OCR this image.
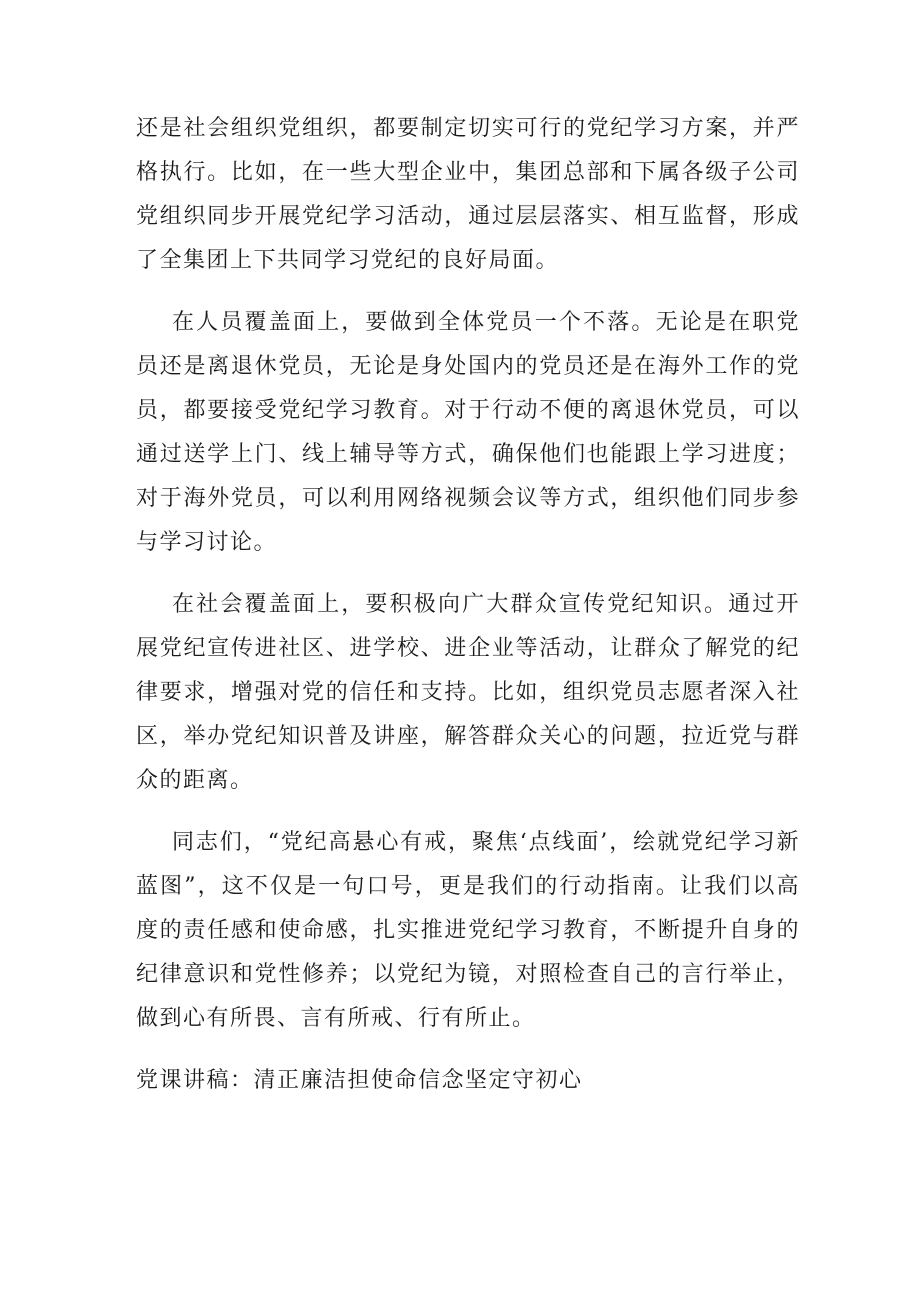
还是社会组织党组织，都要制定切实可行的党纪学习方案，并严格执行。比如，在一些大型企业中，集团总部和下属各级子公司党组织同步开展党纪学习活动，通过层层落实、相互监督，形成了全集团上下共同学习党纪的良好局面。

在人员覆盖面上，要做到全体党员一个不落。无论是在职党员还是离退休党员，无论是身处国内的党员还是在海外工作的党员，都要接受党纪学习教育。对于行动不便的离退休党员，可以通过送学上门、线上辅导等方式，确保他们也能跟上学习进度；对于海外党员，可以利用网络视频会议等方式，组织他们同步参与学习讨论。

在社会覆盖面上，要积极向广大群众宣传党纪知识。通过开展党纪宣传进社区、进学校、进企业等活动，让群众了解党的纪律要求，增强对党的信任和支持。比如，组织党员志愿者深入社区，举办党纪知识普及讲座，解答群众关心的问题，拉近党与群众的距离。

同志们，“党纪高悬心有戒，聚焦‘点线面’，绘就党纪学习新蓝图”，这不仅是一句口号，更是我们的行动指南。让我们以高度的责任感和使命感，扎实推进党纪学习教育，不断提升自身的纪律意识和党性修养；以党纪为镜，对照检查自己的言行举止，做到心有所畏、言有所戒、行有所止。

党课讲稿：清正廉洁担使命信念坚定守初心
